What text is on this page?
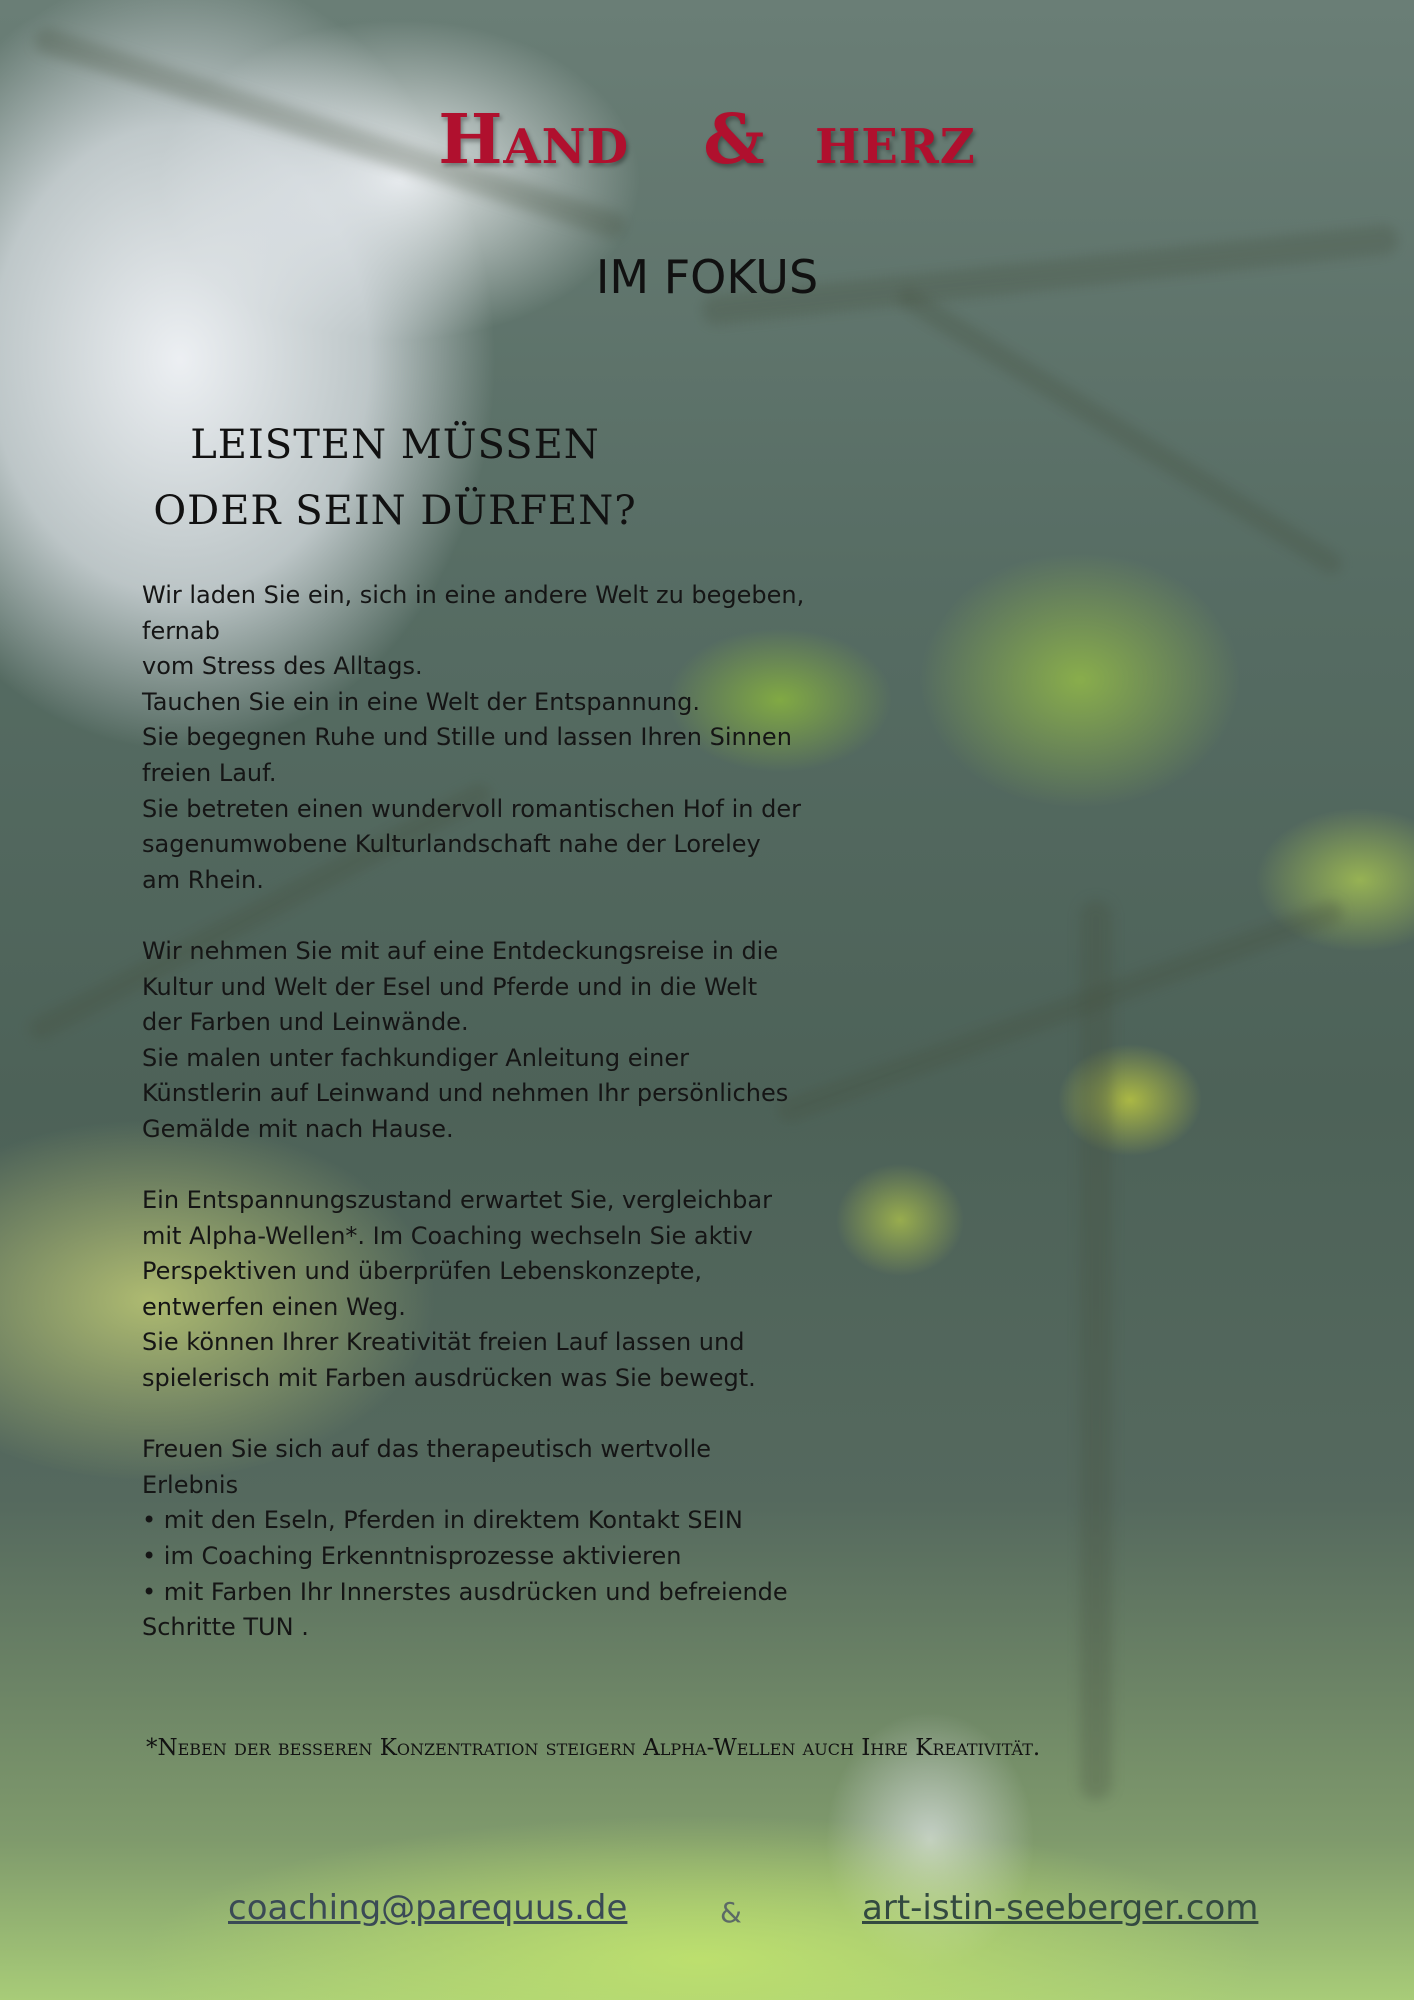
Hand   &  herz
IM FOKUS
LEISTEN MÜSSEN
ODER SEIN DÜRFEN?
Wir laden Sie ein, sich in eine andere Welt zu begeben,
fernab
vom Stress des Alltags.
Tauchen Sie ein in eine Welt der Entspannung.
Sie begegnen Ruhe und Stille und lassen Ihren Sinnen
freien Lauf.
Sie betreten einen wundervoll romantischen Hof in der
sagenumwobene Kulturlandschaft nahe der Loreley
am Rhein.
Wir nehmen Sie mit auf eine Entdeckungsreise in die
Kultur und Welt der Esel und Pferde und in die Welt
der Farben und Leinwände.
Sie malen unter fachkundiger Anleitung einer
Künstlerin auf Leinwand und nehmen Ihr persönliches
Gemälde mit nach Hause.
Ein Entspannungszustand erwartet Sie, vergleichbar
mit Alpha-Wellen*. Im Coaching wechseln Sie aktiv
Perspektiven und überprüfen Lebenskonzepte,
entwerfen einen Weg.
Sie können Ihrer Kreativität freien Lauf lassen und
spielerisch mit Farben ausdrücken was Sie bewegt.
Freuen Sie sich auf das therapeutisch wertvolle
Erlebnis
• mit den Eseln, Pferden in direktem Kontakt SEIN
• im Coaching Erkenntnisprozesse aktivieren
• mit Farben Ihr Innerstes ausdrücken und befreiende
Schritte TUN .
*Neben der besseren Konzentration steigern Alpha-Wellen auch Ihre Kreativität.
coaching@parequus.de	&	art-istin-seeberger.com
